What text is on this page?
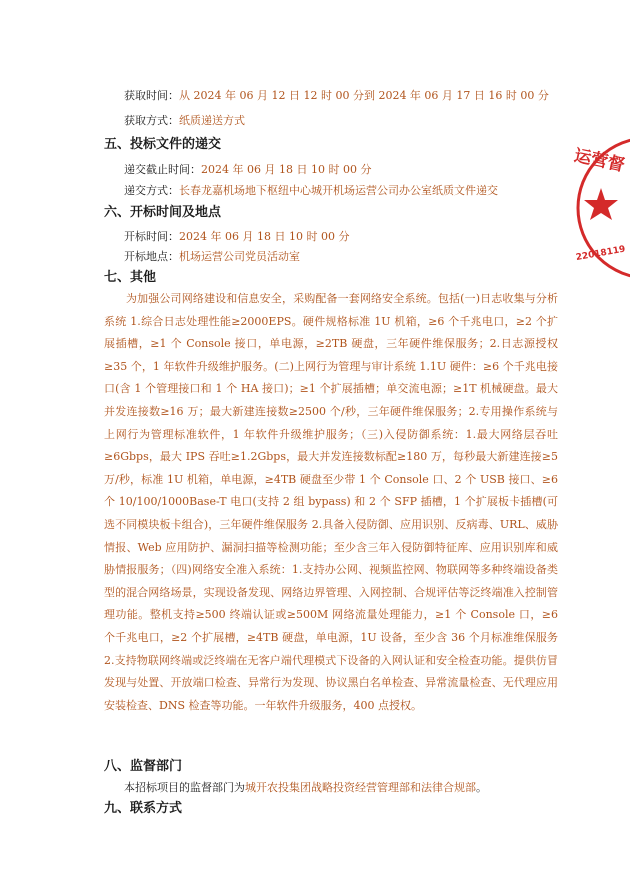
获取时间：从 2024 年 06 月 12 日 12 时 00 分到 2024 年 06 月 17 日 16 时 00 分
获取方式：纸质递送方式
五、投标文件的递交
递交截止时间：2024 年 06 月 18 日 10 时 00 分
递交方式：长春龙嘉机场地下枢纽中心城开机场运营公司办公室纸质文件递交
六、开标时间及地点
开标时间：2024 年 06 月 18 日 10 时 00 分
开标地点：机场运营公司党员活动室
七、其他
为加强公司网络建设和信息安全，采购配备一套网络安全系统。包括(一)日志收集与分析系统 1.综合日志处理性能≥2000EPS。硬件规格标准 1U 机箱，≥6 个千兆电口，≥2 个扩展插槽，≥1 个 Console 接口，单电源，≥2TB 硬盘，三年硬件维保服务；2.日志源授权≥35 个，1 年软件升级维护服务。(二)上网行为管理与审计系统 1.1U 硬件：≥6 个千兆电接口(含 1 个管理接口和 1 个 HA 接口)；≥1 个扩展插槽；单交流电源；≥1T 机械硬盘。最大并发连接数≥16 万；最大新建连接数≥2500 个/秒，三年硬件维保服务；2.专用操作系统与上网行为管理标准软件，1 年软件升级维护服务；（三)入侵防御系统：1.最大网络层吞吐≥6Gbps，最大 IPS 吞吐≥1.2Gbps，最大并发连接数标配≥180 万，每秒最大新建连接≥5 万/秒，标准 1U 机箱，单电源，≥4TB 硬盘至少带 1 个 Console 口、2 个 USB 接口、≥6 个 10/100/1000Base-T 电口(支持 2 组 bypass) 和 2 个 SFP 插槽，1 个扩展板卡插槽(可选不同模块板卡组合)，三年硬件维保服务 2.具备入侵防御、应用识别、反病毒、URL、威胁情报、Web 应用防护、漏洞扫描等检测功能；至少含三年入侵防御特征库、应用识别库和威胁情报服务；（四)网络安全准入系统：1.支持办公网、视频监控网、物联网等多种终端设备类型的混合网络场景，实现设备发现、网络边界管理、入网控制、合规评估等泛终端准入控制管理功能。整机支持≥500 终端认证或≥500M 网络流量处理能力，≥1 个 Console 口，≥6 个千兆电口，≥2 个扩展槽，≥4TB 硬盘，单电源，1U 设备，至少含 36 个月标准维保服务 2.支持物联网终端或泛终端在无客户端代理模式下设备的入网认证和安全检查功能。提供仿冒发现与处置、开放端口检查、异常行为发现、协议黑白名单检查、异常流量检查、无代理应用安装检查、DNS 检查等功能。一年软件升级服务，400 点授权。
八、监督部门
本招标项目的监督部门为城开农投集团战略投资经营管理部和法律合规部。
九、联系方式
运营督
22018119
